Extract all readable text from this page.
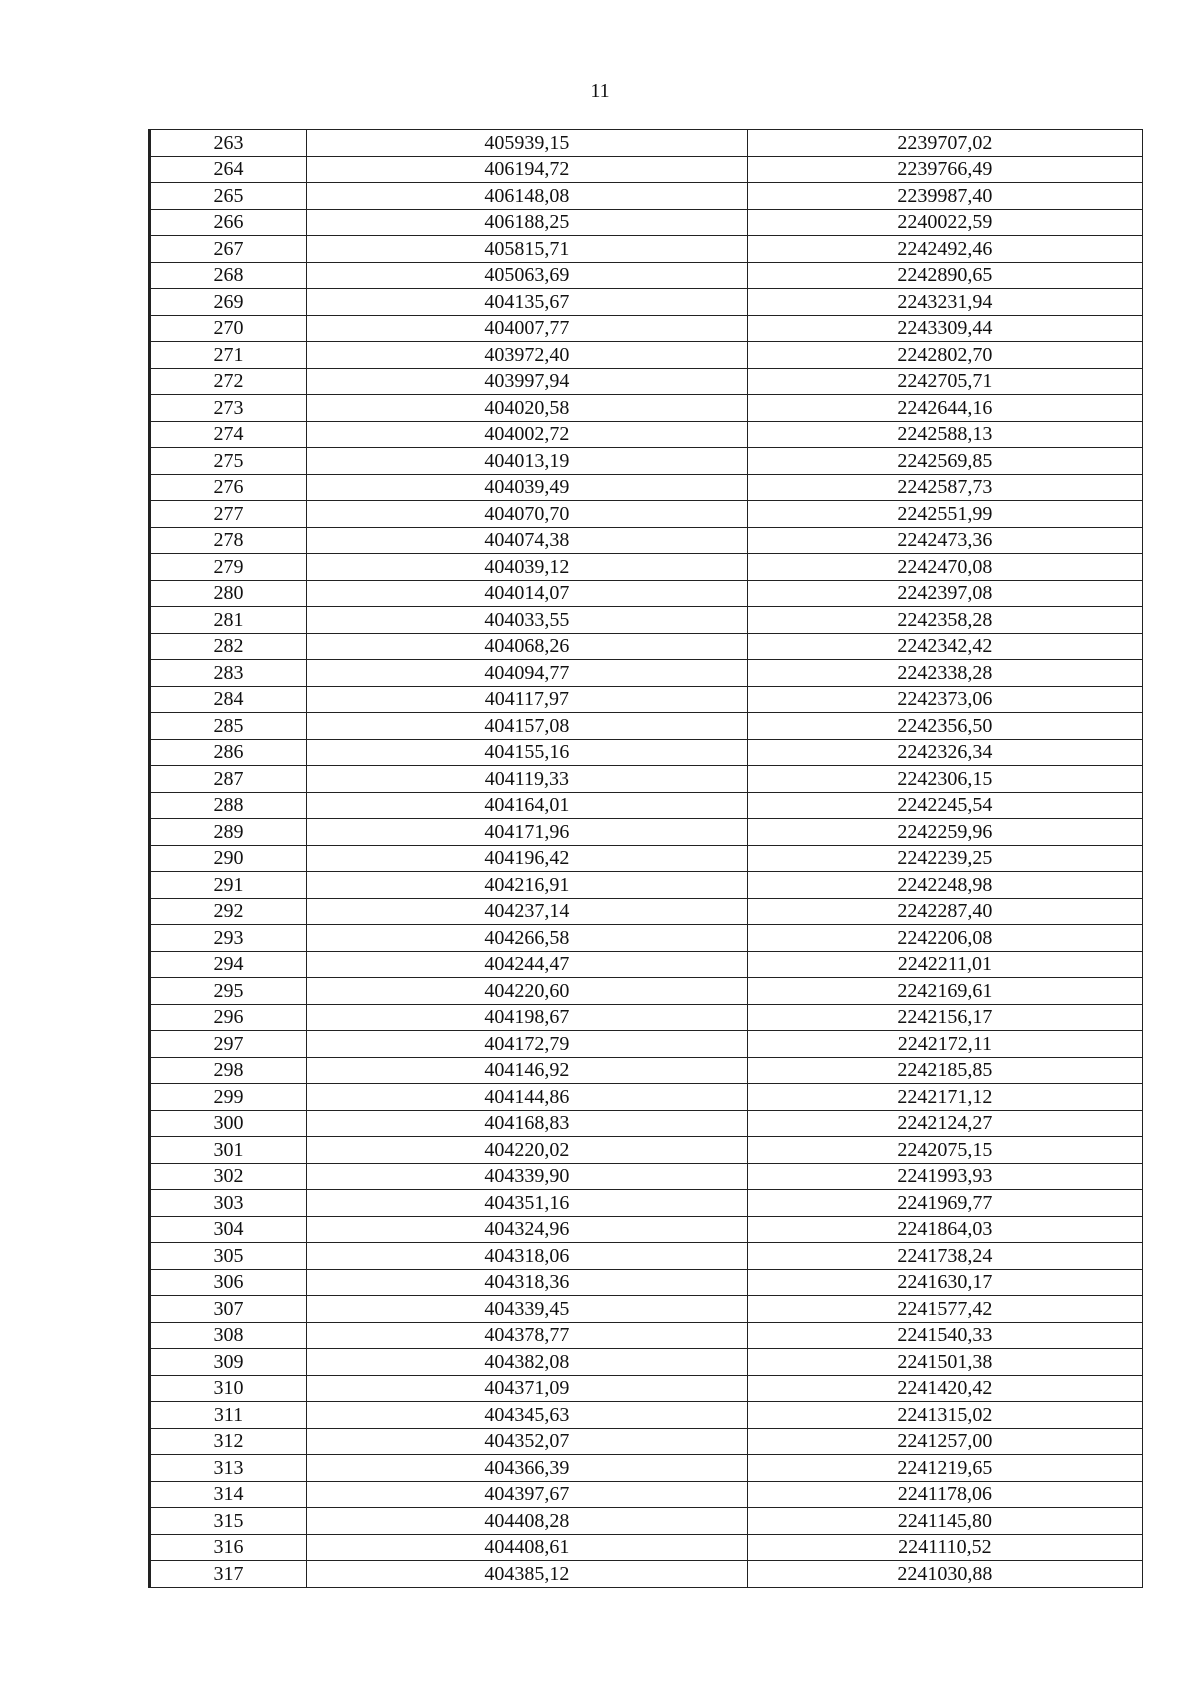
11
263	405939,15	2239707,02
264	406194,72	2239766,49
265	406148,08	2239987,40
266	406188,25	2240022,59
267	405815,71	2242492,46
268	405063,69	2242890,65
269	404135,67	2243231,94
270	404007,77	2243309,44
271	403972,40	2242802,70
272	403997,94	2242705,71
273	404020,58	2242644,16
274	404002,72	2242588,13
275	404013,19	2242569,85
276	404039,49	2242587,73
277	404070,70	2242551,99
278	404074,38	2242473,36
279	404039,12	2242470,08
280	404014,07	2242397,08
281	404033,55	2242358,28
282	404068,26	2242342,42
283	404094,77	2242338,28
284	404117,97	2242373,06
285	404157,08	2242356,50
286	404155,16	2242326,34
287	404119,33	2242306,15
288	404164,01	2242245,54
289	404171,96	2242259,96
290	404196,42	2242239,25
291	404216,91	2242248,98
292	404237,14	2242287,40
293	404266,58	2242206,08
294	404244,47	2242211,01
295	404220,60	2242169,61
296	404198,67	2242156,17
297	404172,79	2242172,11
298	404146,92	2242185,85
299	404144,86	2242171,12
300	404168,83	2242124,27
301	404220,02	2242075,15
302	404339,90	2241993,93
303	404351,16	2241969,77
304	404324,96	2241864,03
305	404318,06	2241738,24
306	404318,36	2241630,17
307	404339,45	2241577,42
308	404378,77	2241540,33
309	404382,08	2241501,38
310	404371,09	2241420,42
311	404345,63	2241315,02
312	404352,07	2241257,00
313	404366,39	2241219,65
314	404397,67	2241178,06
315	404408,28	2241145,80
316	404408,61	2241110,52
317	404385,12	2241030,88
